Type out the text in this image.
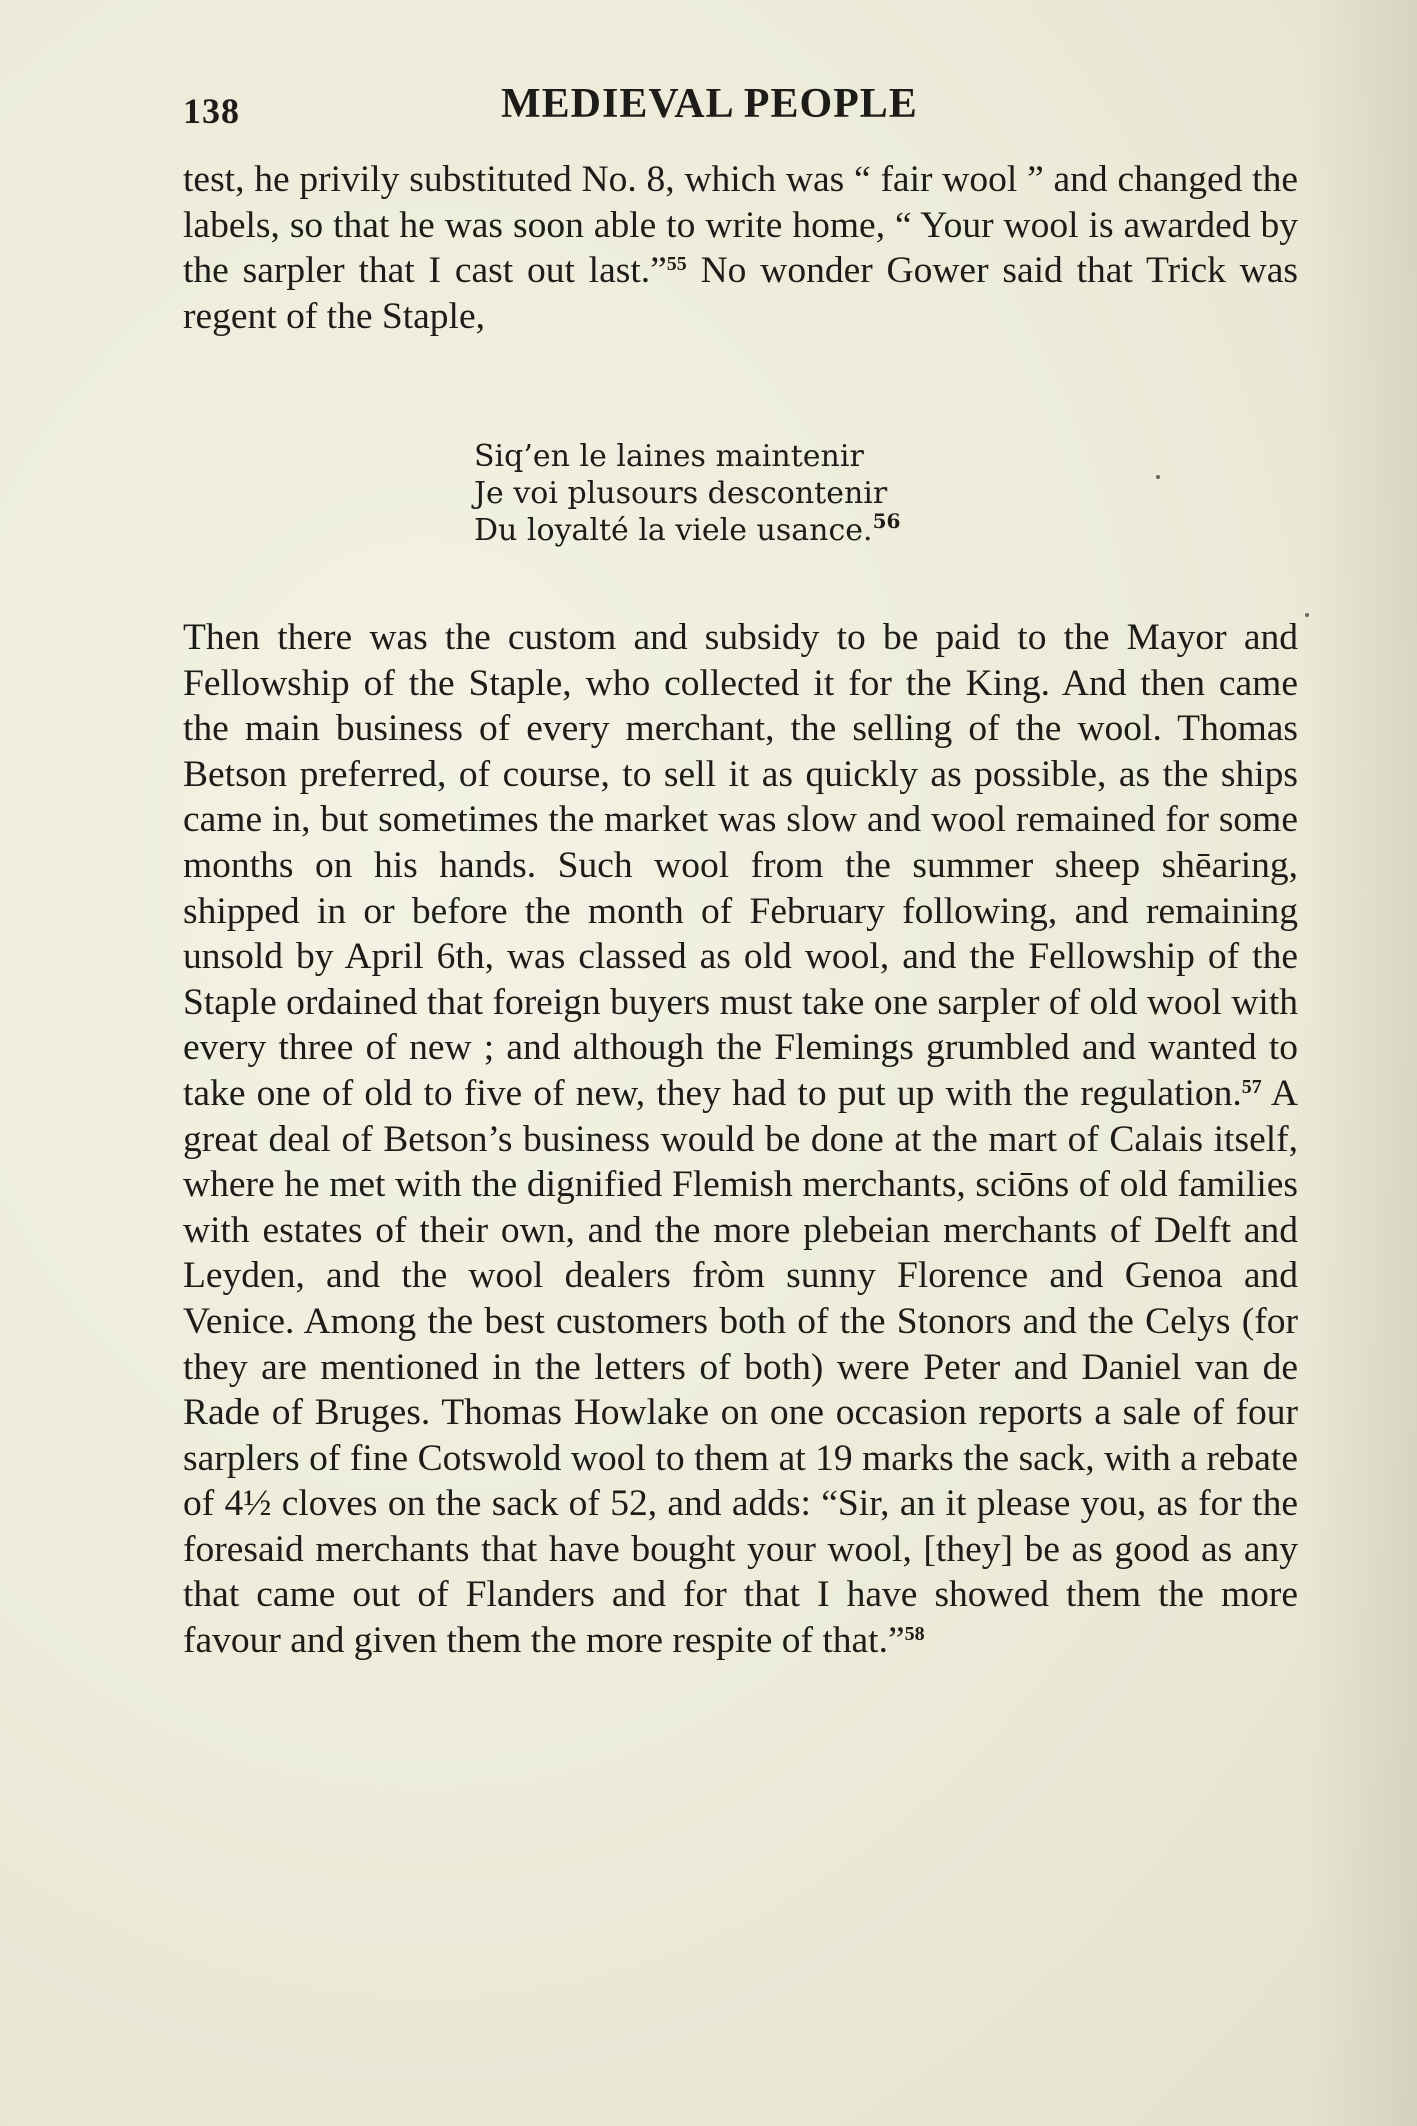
138	MEDIEVAL PEOPLE

test, he privily substituted No. 8, which was “ fair wool ” and changed the labels, so that he was soon able to write home, “ Your wool is awarded by the sarpler that I cast out last.”$^{55}$ No wonder Gower said that Trick was regent of the Staple,

Siq’en le laines maintenir
Je voi plusours descontenir
Du loyalté la viele usance.$^{56}$

Then there was the custom and subsidy to be paid to the Mayor and Fellowship of the Staple, who collected it for the King. And then came the main business of every merchant, the selling of the wool. Thomas Betson preferred, of course, to sell it as quickly as possible, as the ships came in, but sometimes the market was slow and wool remained for some months on his hands. Such wool from the summer sheep shēaring, shipped in or before the month of February following, and remaining unsold by April 6th, was classed as old wool, and the Fellowship of the Staple ordained that foreign buyers must take one sarpler of old wool with every three of new ; and although the Flemings grumbled and wanted to take one of old to five of new, they had to put up with the regulation.$^{57}$ A great deal of Betson’s business would be done at the mart of Calais itself, where he met with the dignified Flemish merchants, sciōns of old families with estates of their own, and the more plebeian merchants of Delft and Leyden, and the wool dealers fròm sunny Florence and Genoa and Venice. Among the best customers both of the Stonors and the Celys (for they are mentioned in the letters of both) were Peter and Daniel van de Rade of Bruges. Thomas Howlake on one occasion reports a sale of four sarplers of fine Cotswold wool to them at 19 marks the sack, with a rebate of 4½ cloves on the sack of 52, and adds: “Sir, an it please you, as for the foresaid merchants that have bought your wool, [they] be as good as any that came out of Flanders and for that I have showed them the more favour and given them the more respite of that.”$^{58}$
